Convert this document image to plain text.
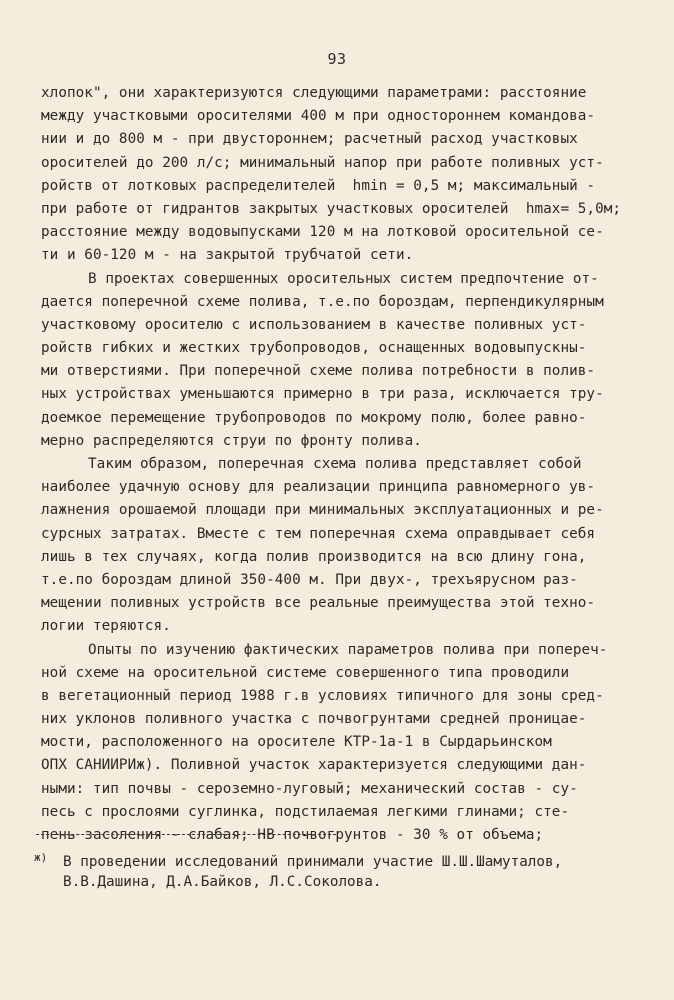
93
хлопок", они характеризуются следующими параметрами: расстояние
между участковыми оросителями 400 м при одностороннем командова-
нии и до 800 м - при двустороннем; расчетный расход участковых
оросителей до 200 л/с; минимальный напор при работе поливных уст-
ройств от лотковых распределителей  hmin = 0,5 м; максимальный -
при работе от гидрантов закрытых участковых оросителей  hmax= 5,0м;
расстояние между водовыпусками 120 м на лотковой оросительной се-
ти и 60-120 м - на закрытой трубчатой сети.
В проектах совершенных оросительных систем предпочтение от-
дается поперечной схеме полива, т.е.по бороздам, перпендикулярным
участковому оросителю с использованием в качестве поливных уст-
ройств гибких и жестких трубопроводов, оснащенных водовыпускны-
ми отверстиями. При поперечной схеме полива потребности в полив-
ных устройствах уменьшаются примерно в три раза, исключается тру-
доемкое перемещение трубопроводов по мокрому полю, более равно-
мерно распределяются струи по фронту полива.
Таким образом, поперечная схема полива представляет собой
наиболее удачную основу для реализации принципа равномерного ув-
лажнения орошаемой площади при минимальных эксплуатационных и ре-
сурсных затратах. Вместе с тем поперечная схема оправдывает себя
лишь в тех случаях, когда полив производится на всю длину гона,
т.е.по бороздам длиной 350-400 м. При двух-, трехъярусном раз-
мещении поливных устройств все реальные преимущества этой техно-
логии теряются.
Опыты по изучению фактических параметров полива при попереч-
ной схеме на оросительной системе совершенного типа проводили
в вегетационный период 1988 г.в условиях типичного для зоны сред-
них уклонов поливного участка с почвогрунтами средней проницае-
мости, расположенного на оросителе КТР-1а-1 в Сырдарьинском
ОПХ САНИИРИж). Поливной участок характеризуется следующими дан-
ными: тип почвы - сероземно-луговый; механический состав - су-
песь с прослоями суглинка, подстилаемая легкими глинами; сте-
пень засоления - слабая; НВ почвогрунтов - 30 % от объема;
ж) В проведении исследований принимали участие Ш.Ш.Шамуталов,
В.В.Дашина, Д.А.Байков, Л.С.Соколова.
